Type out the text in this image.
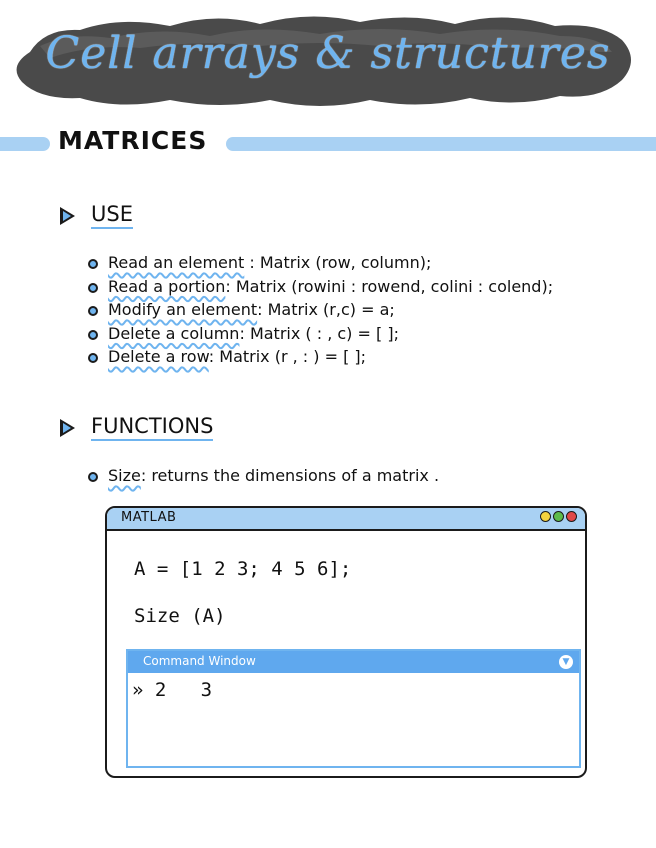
Cell arrays & structures
MATRICES
USE
Read an element : Matrix (row, column);
Read a portion: Matrix (rowini : rowend, colini : colend);
Modify an element: Matrix (r,c) = a;
Delete a column: Matrix ( : , c) = [ ];
Delete a row: Matrix (r , : ) = [ ];
FUNCTIONS
Size: returns the dimensions of a matrix .
MATLAB
A = [1 2 3; 4 5 6];
Size (A)
Command Window	▼
» 2   3
